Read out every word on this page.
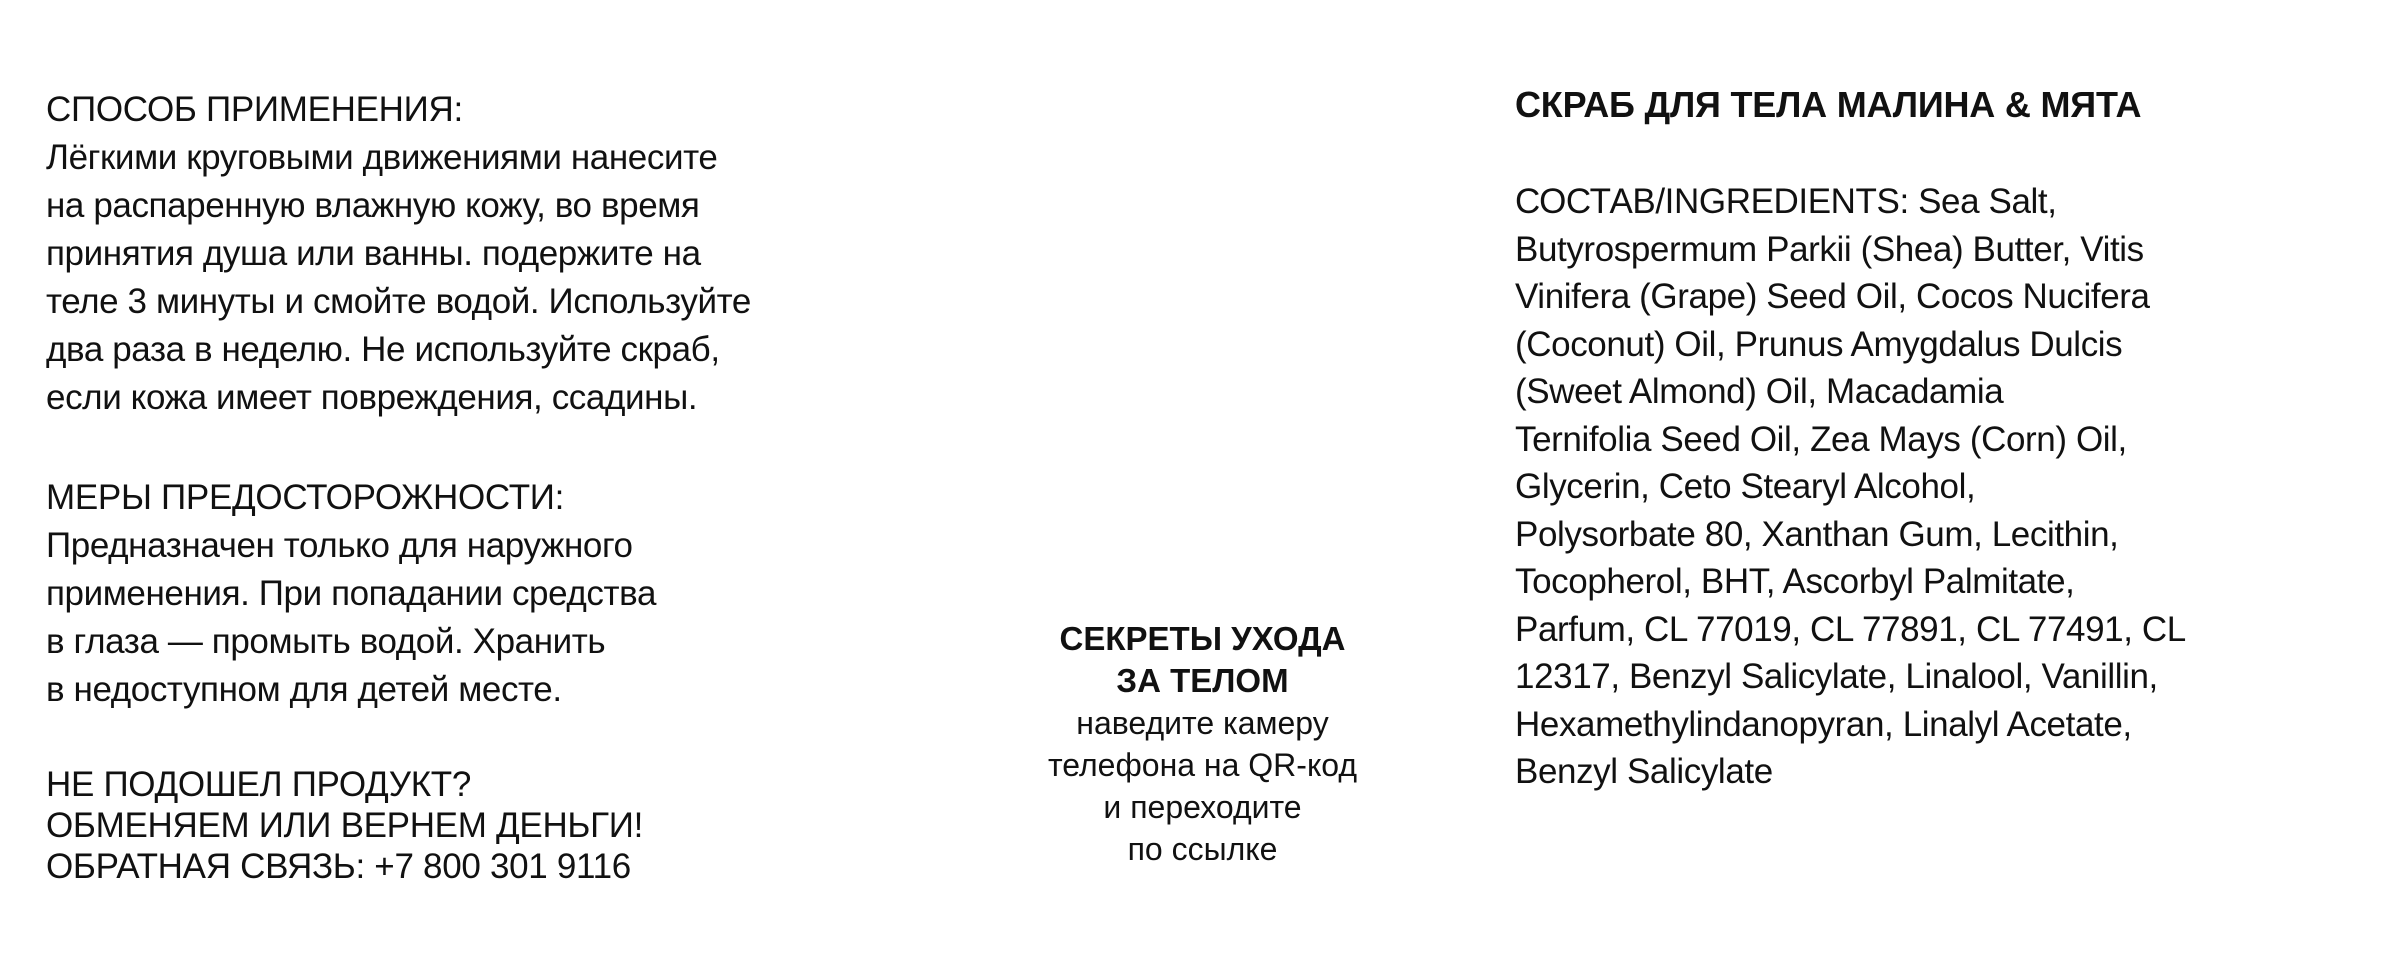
СПОСОБ ПРИМЕНЕНИЯ:
Лёгкими круговыми движениями нанесите
на распаренную влажную кожу, во время
принятия душа или ванны. подержите на
теле 3 минуты и смойте водой. Используйте
два раза в неделю. Не используйте скраб,
если кожа имеет повреждения, ссадины.
МЕРЫ ПРЕДОСТОРОЖНОСТИ:
Предназначен только для наружного
применения. При попадании средства
в глаза — промыть водой. Хранить
в недоступном для детей месте.
НЕ ПОДОШЕЛ ПРОДУКТ?
ОБМЕНЯЕМ ИЛИ ВЕРНЕМ ДЕНЬГИ!
ОБРАТНАЯ СВЯЗЬ: +7 800 301 9116
СЕКРЕТЫ УХОДА
ЗА ТЕЛОМ
наведите камеру
телефона на QR-код
и переходите
по ссылке
СКРАБ ДЛЯ ТЕЛА МАЛИНА & МЯТА
СОСТАВ/INGREDIENTS: Sea Salt,
Butyrospermum Parkii (Shea) Butter, Vitis
Vinifera (Grape) Seed Oil, Cocos Nucifera
(Coconut) Oil, Prunus Amygdalus Dulcis
(Sweet Almond) Oil, Macadamia
Ternifolia Seed Oil, Zea Mays (Corn) Oil,
Glycerin, Ceto Stearyl Alcohol,
Polysorbate 80, Xanthan Gum, Lecithin,
Tocopherol, BHT, Ascorbyl Palmitate,
Parfum, CL 77019, CL 77891, CL 77491, CL
12317, Benzyl Salicylate, Linalool, Vanillin,
Hexamethylindanopyran, Linalyl Acetate,
Benzyl Salicylate
